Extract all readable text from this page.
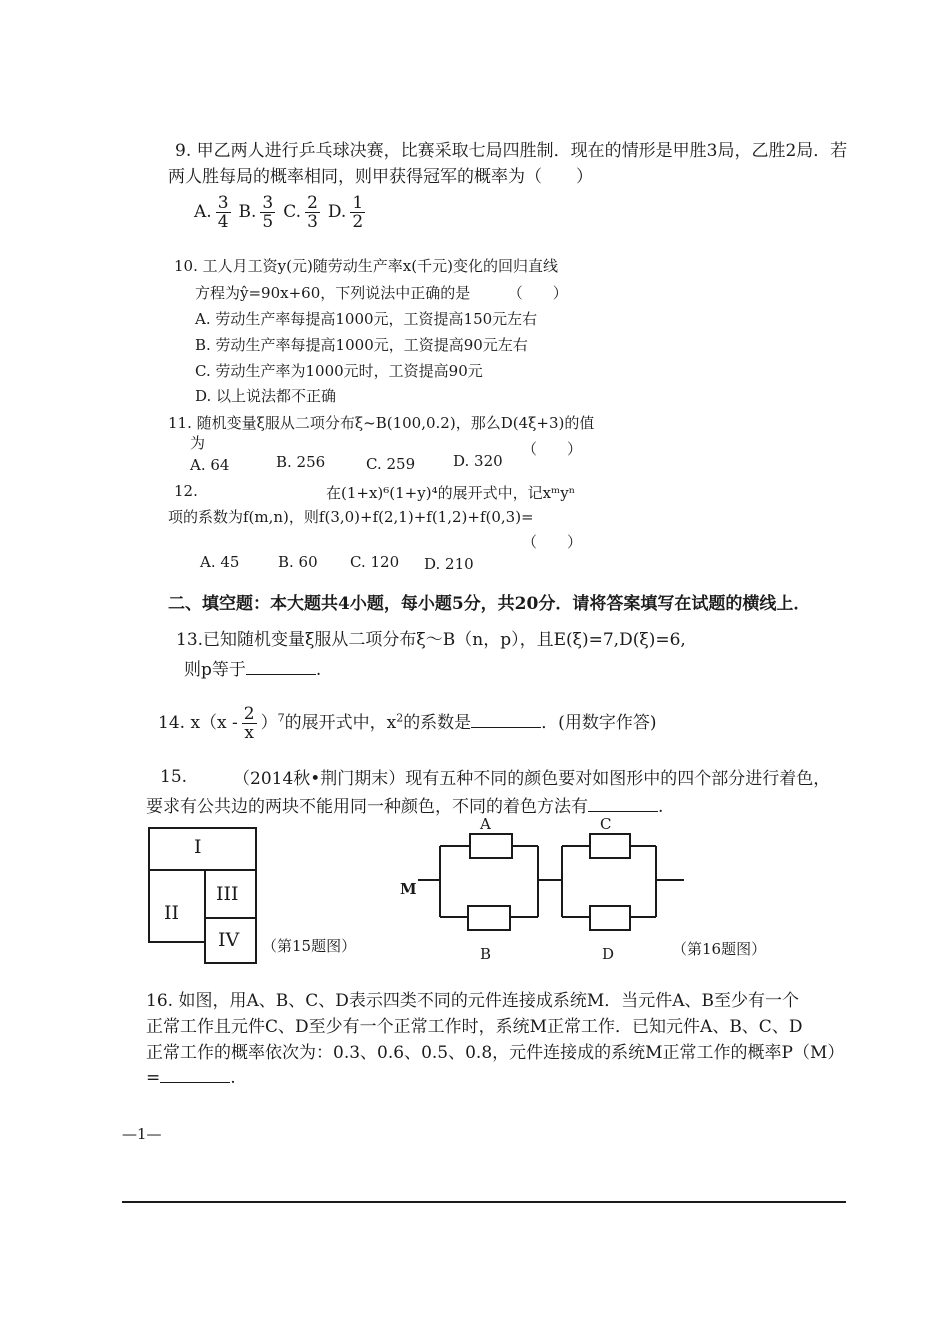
9. 甲乙两人进行乒乓球决赛，比赛采取七局四胜制．现在的情形是甲胜3局，乙胜2局．若
两人胜每局的概率相同，则甲获得冠军的概率为（　　）
A. $\frac{3}{4} B$. $\frac{3}{5} C$. $\frac{2}{3} D$. $\frac{1}{2}$
10. 工人月工资y(元)随劳动生产率x(千元)变化的回归直线
方程为ŷ=90x+60，下列说法中正确的是　　　（　　）
A. 劳动生产率每提高1000元，工资提高150元左右
B. 劳动生产率每提高1000元，工资提高90元左右
C. 劳动生产率为1000元时，工资提高90元
D. 以上说法都不正确
11. 随机变量ξ服从二项分布ξ~B(100,0.2)，那么D(4ξ+3)的值
为	（　　）
A. 64	B. 256	C. 259	D. 320
12.	在(1+x)⁶(1+y)⁴的展开式中，记xᵐyⁿ
项的系数为f(m,n)，则f(3,0)+f(2,1)+f(1,2)+f(0,3)=
（　　）
A. 45	B. 60 C. 120 D. 210
二、填空题：本大题共4小题，每小题5分，共20分．请将答案填写在试题的横线上．
13.已知随机变量ξ服从二项分布ξ～B（n，p），且E(ξ)=7,D(ξ)=6,
则p等于	.
14. $x(x - \frac{2}{x} )^7$的展开式中，$x^2$的系数是	．(用数字作答)
15.	（2014秋•荆门期末）现有五种不同的颜色要对如图形中的四个部分进行着色，
要求有公共边的两块不能用同一种颜色，不同的着色方法有	.
I
II
III
IV （第15题图）
M
A
B
C
D	（第16题图）
16. 如图，用A、B、C、D表示四类不同的元件连接成系统M．当元件A、B至少有一个
正常工作且元件C、D至少有一个正常工作时，系统M正常工作．已知元件A、B、C、D
正常工作的概率依次为：0.3、0.6、0.5、0.8，元件连接成的系统M正常工作的概率P（M）
=	.
—1—
